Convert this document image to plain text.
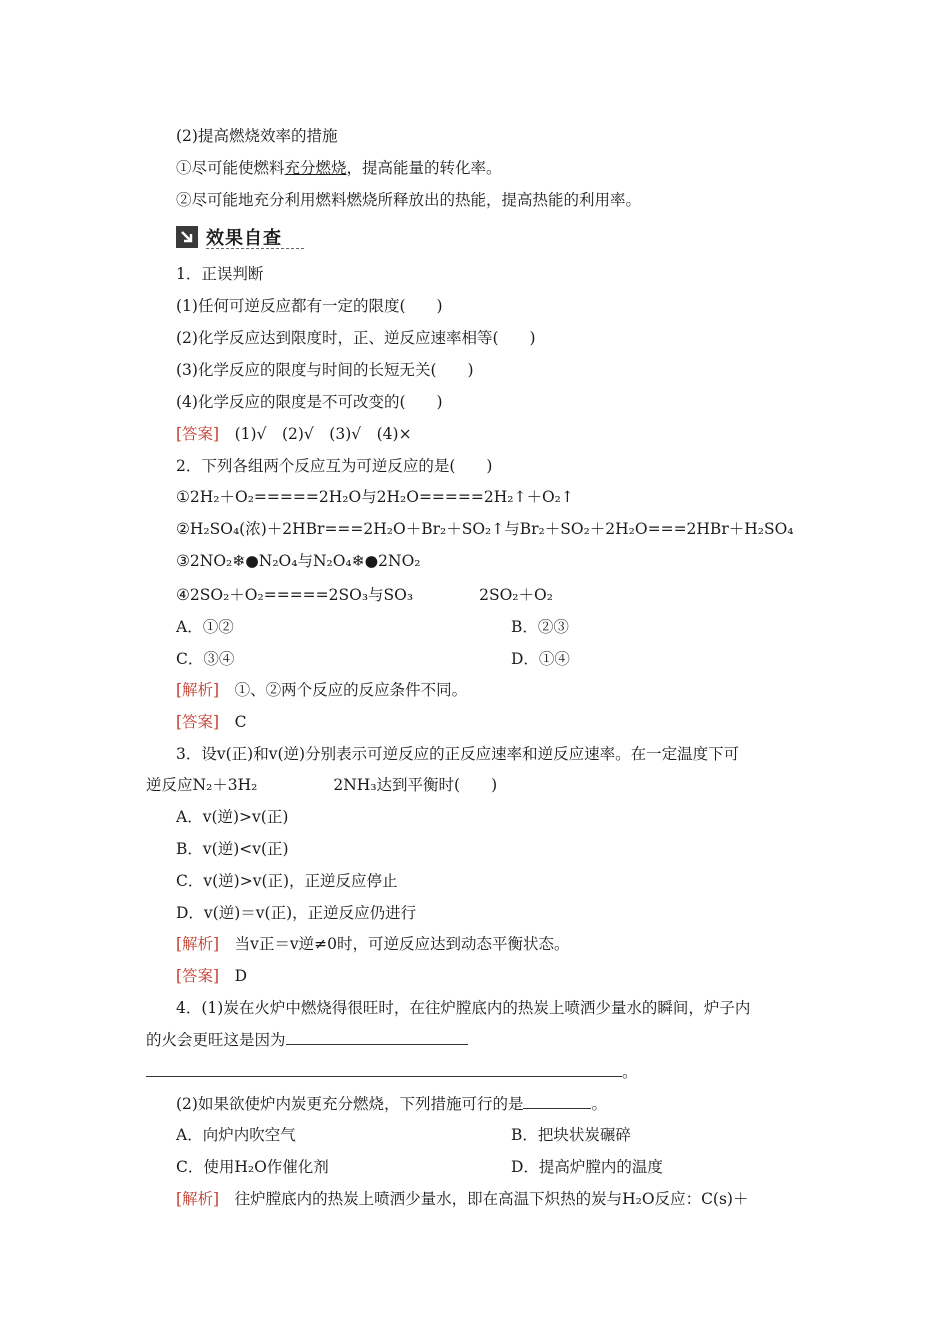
(2)提高燃烧效率的措施
①尽可能使燃料充分燃烧，提高能量的转化率。
②尽可能地充分利用燃料燃烧所释放出的热能，提高热能的利用率。
效果自查
1．正误判断
(1)任何可逆反应都有一定的限度(　　)
(2)化学反应达到限度时，正、逆反应速率相等(　　)
(3)化学反应的限度与时间的长短无关(　　)
(4)化学反应的限度是不可改变的(　　)
[答案]　 (1)√　(2)√　(3)√　(4)×
2．下列各组两个反应互为可逆反应的是(　　)
①2H₂＋O₂=====2H₂O与2H₂O=====2H₂↑＋O₂↑
②H₂SO₄(浓)＋2HBr===2H₂O＋Br₂＋SO₂↑与Br₂＋SO₂＋2H₂O===2HBr＋H₂SO₄
③2NO₂❄●N₂O₄与N₂O₄❄●2NO₂
④2SO₂＋O₂=====2SO₃与SO₃	2SO₂＋O₂
A．①②	B．②③
C．③④	D．①④
[解析]　 ①、②两个反应的反应条件不同。
[答案]　 C
3．设v(正)和v(逆)分别表示可逆反应的正反应速率和逆反应速率。在一定温度下可
逆反应N₂＋3H₂	2NH₃达到平衡时(　　)
A．v(逆)>v(正)
B．v(逆)<v(正)
C．v(逆)>v(正)，正逆反应停止
D．v(逆)＝v(正)，正逆反应仍进行
[解析]　 当v正＝v逆≠0时，可逆反应达到动态平衡状态。
[答案]　 D
4．(1)炭在火炉中燃烧得很旺时，在往炉膛底内的热炭上喷洒少量水的瞬间，炉子内
的火会更旺这是因为
。
(2)如果欲使炉内炭更充分燃烧，下列措施可行的是	。
A．向炉内吹空气	B．把块状炭碾碎
C．使用H₂O作催化剂	D．提高炉膛内的温度
[解析]　 往炉膛底内的热炭上喷洒少量水，即在高温下炽热的炭与H₂O反应：C(s)＋
